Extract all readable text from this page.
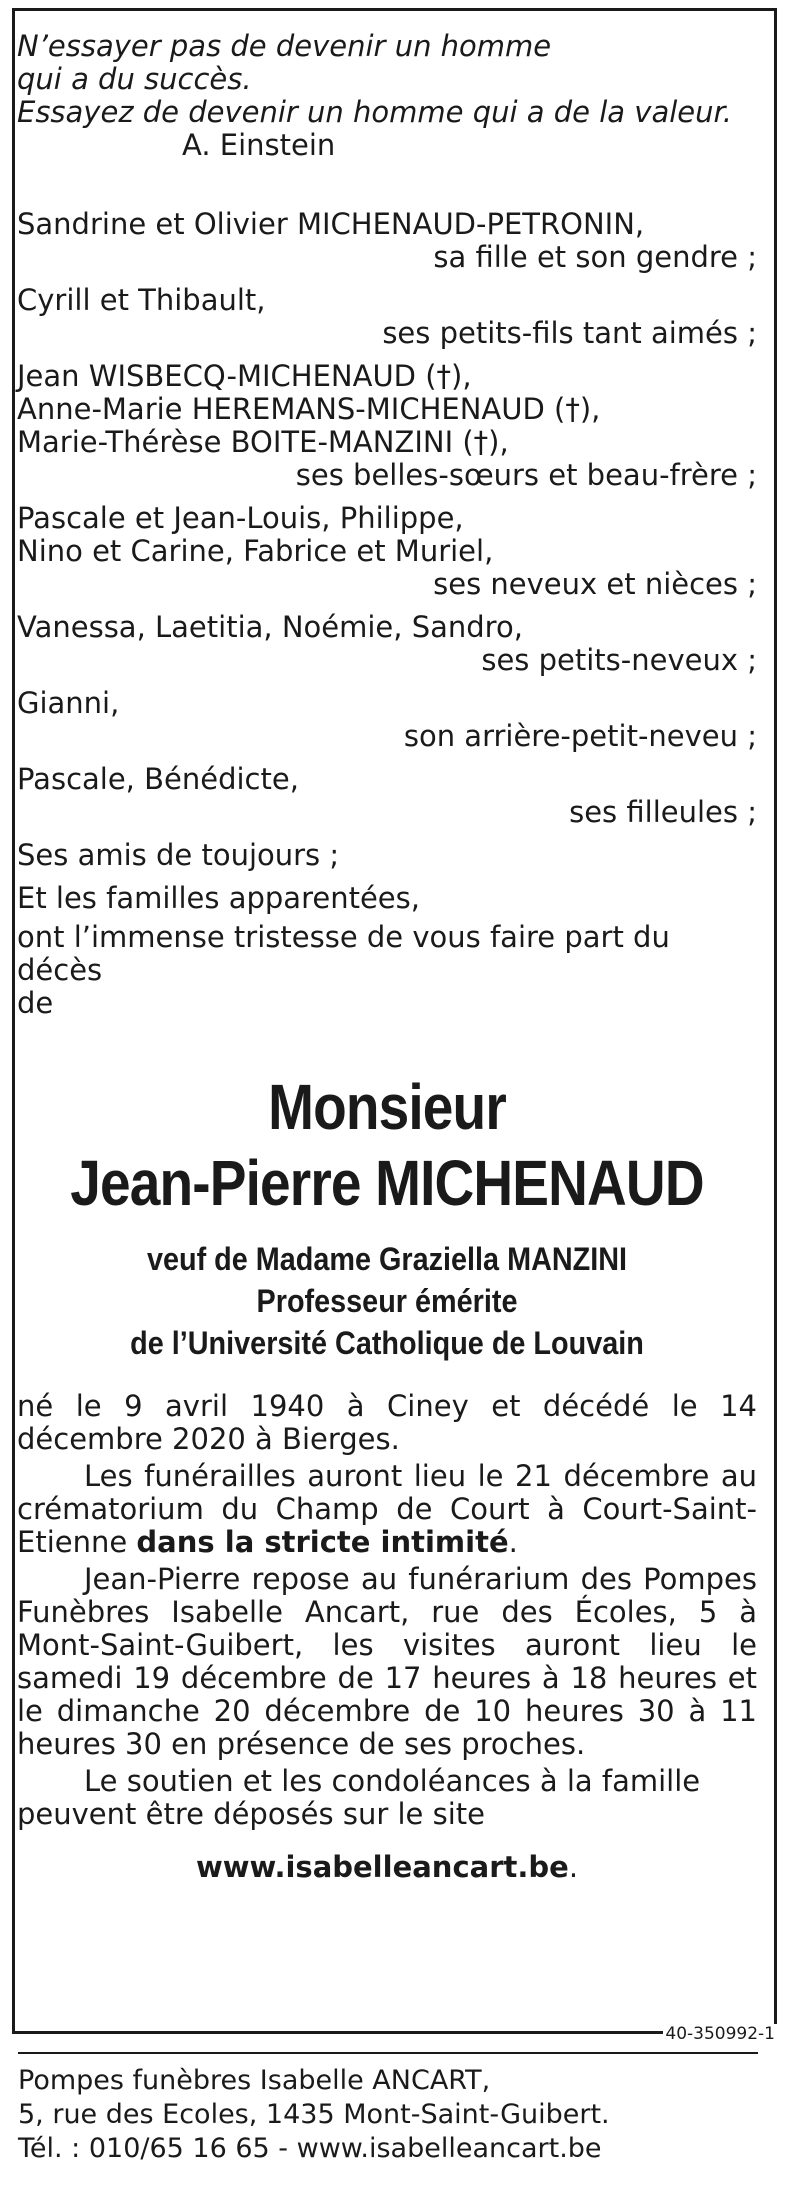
N’essayer pas de devenir un homme
qui a du succès.
Essayez de devenir un homme qui a de la valeur.
A. Einstein

Sandrine et Olivier MICHENAUD-PETRONIN,

sa fille et son gendre ;

Cyrill et Thibault,

ses petits-fils tant aimés ;

Jean WISBECQ-MICHENAUD (†),

Anne-Marie HEREMANS-MICHENAUD (†),

Marie-Thérèse BOITE-MANZINI (†),

ses belles-sœurs et beau-frère ;

Pascale et Jean-Louis, Philippe,

Nino et Carine, Fabrice et Muriel,

ses neveux et nièces ;

Vanessa, Laetitia, Noémie, Sandro,

ses petits-neveux ;

Gianni,

son arrière-petit-neveu ;

Pascale, Bénédicte,

ses filleules ;

Ses amis de toujours ;

Et les familles apparentées,

ont l’immense tristesse de vous faire part du décès
de
Monsieur
Jean-Pierre MICHENAUD
veuf de Madame Graziella MANZINI
Professeur émérite
de l’Université Catholique de Louvain

né le 9 avril 1940 à Ciney et décédé le 14 décembre 2020 à Bierges.

Les funérailles auront lieu le 21 décembre au crématorium du Champ de Court à Court-Saint-Etienne dans la stricte intimité.

Jean-Pierre repose au funérarium des Pompes Funèbres Isabelle Ancart, rue des Écoles, 5 à Mont-Saint-Guibert, les visites auront lieu le samedi 19 décembre de 17 heures à 18 heures et le dimanche 20 décembre de 10 heures 30 à 11 heures 30 en présence de ses proches.

Le soutien et les condoléances à la famille peuvent être déposés sur le site

www.isabelleancart.be.
40-350992-1
Pompes funèbres Isabelle ANCART,
5, rue des Ecoles, 1435 Mont-Saint-Guibert.
Tél. : 010/65 16 65 - www.isabelleancart.be
